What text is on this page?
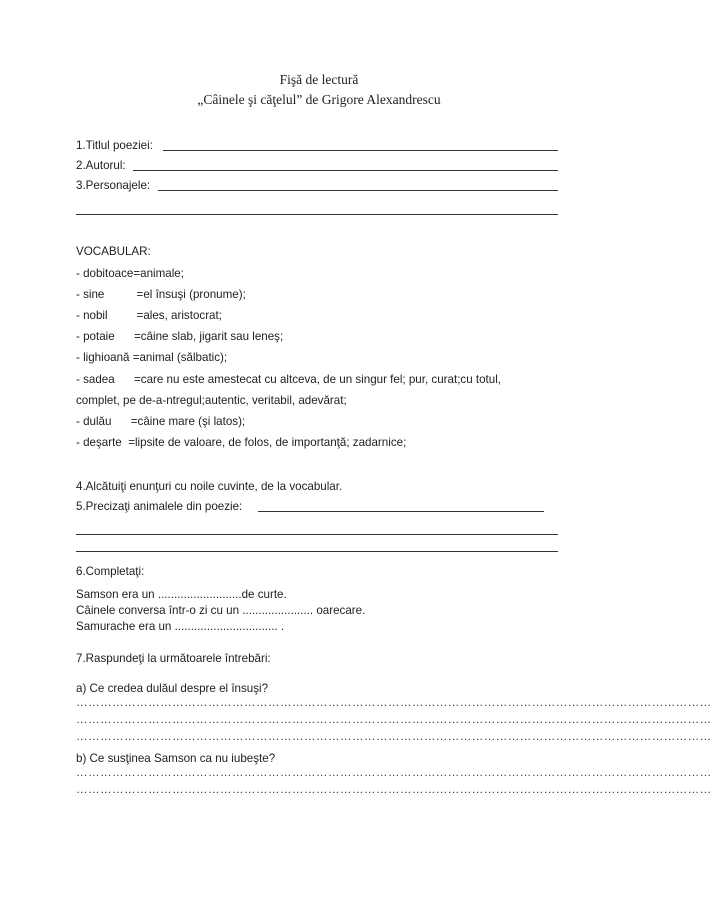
Fişă de lectură
„Câinele şi căţelul” de Grigore Alexandrescu
1.Titlul poeziei:
2.Autorul:
3.Personajele:
VOCABULAR:
- dobitoace=animale;
- sine          =el însuşi (pronume);
- nobil         =ales, aristocrat;
- potaie      =câine slab, jigarit sau leneş;
- lighioană =animal (sălbatic);
- sadea      =care nu este amestecat cu altceva, de un singur fel; pur, curat;cu totul,
complet, pe de-a-ntregul;autentic, veritabil, adevărat;
- dulău      =câine mare (şi latos);
- deşarte  =lipsite de valoare, de folos, de importanţă; zadarnice;
4.Alcătuiţi enunţuri cu noile cuvinte, de la vocabular.
5.Precizaţi animalele din poezie:
6.Completaţi:
Samson era un ..........................de curte.
Câinele conversa într-o zi cu un ...................... oarecare.
Samurache era un ................................ .
7.Raspundeţi la următoarele întrebări:
a) Ce credea dulăul despre el însuşi?
……………………………………………………………………………………………………………………………………………
……………………………………………………………………………………………………………………………………………
……………………………………………………………………………………………………………………………………………
b) Ce susţinea Samson ca nu iubeşte?
……………………………………………………………………………………………………………………………………………
……………………………………………………………………………………………………………………………………………
